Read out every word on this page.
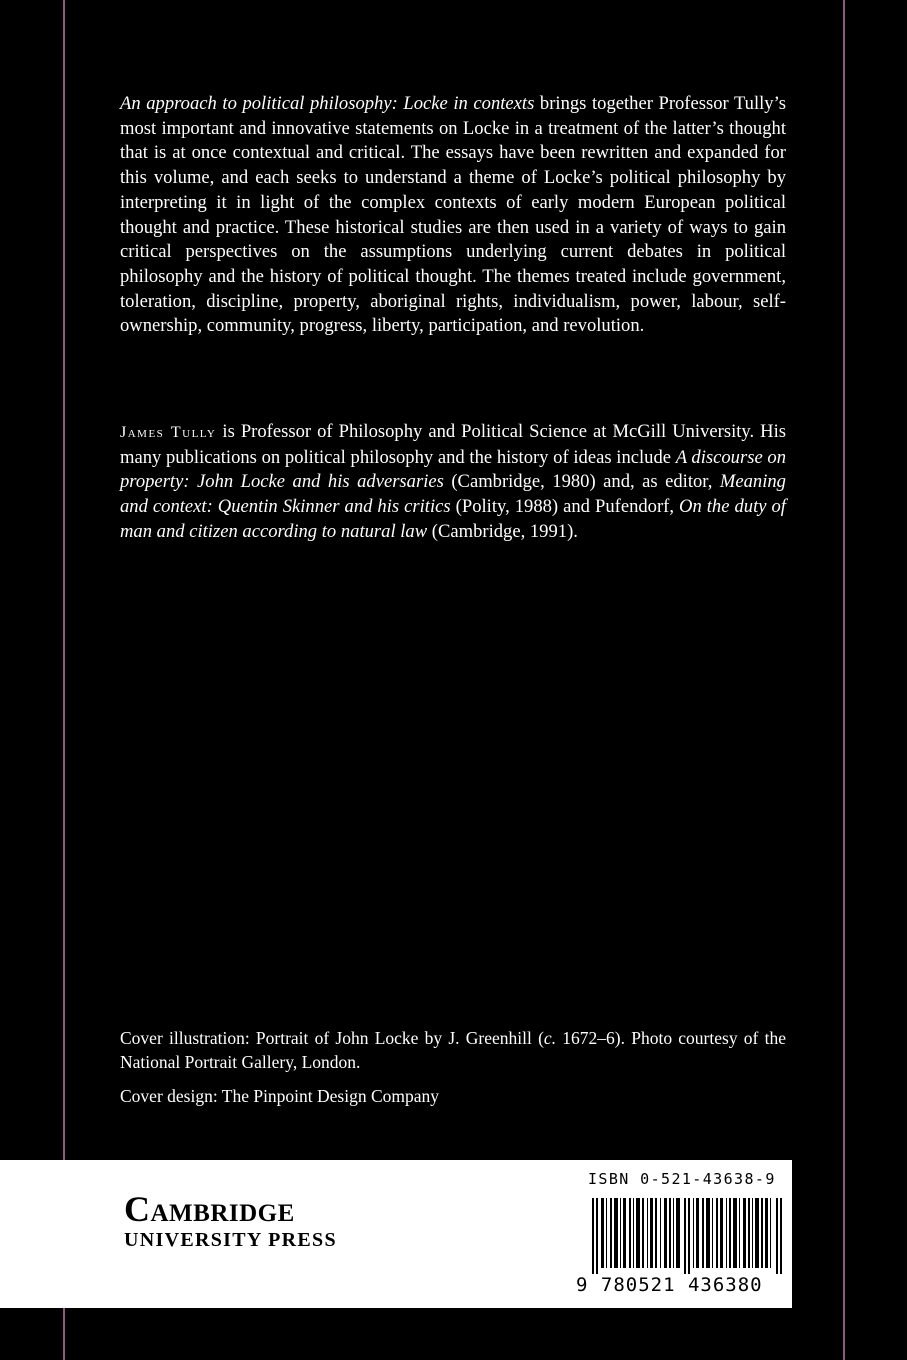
An approach to political philosophy: Locke in contexts brings together Professor Tully’s most important and innovative statements on Locke in a treatment of the latter’s thought that is at once contextual and critical. The essays have been rewritten and expanded for this volume, and each seeks to understand a theme of Locke’s political philosophy by interpreting it in light of the complex contexts of early modern European political thought and practice. These historical studies are then used in a variety of ways to gain critical perspectives on the assumptions underlying current debates in political philosophy and the history of political thought. The themes treated include government, toleration, discipline, property, aboriginal rights, individualism, power, labour, self-ownership, community, progress, liberty, participation, and revolution.

James Tully is Professor of Philosophy and Political Science at McGill University. His many publications on political philosophy and the history of ideas include A discourse on property: John Locke and his adversaries (Cambridge, 1980) and, as editor, Meaning and context: Quentin Skinner and his critics (Polity, 1988) and Pufendorf, On the duty of man and citizen according to natural law (Cambridge, 1991).

Cover illustration: Portrait of John Locke by J. Greenhill (c. 1672–6). Photo courtesy of the National Portrait Gallery, London.

Cover design: The Pinpoint Design Company

Cambridge
UNIVERSITY PRESS
ISBN 0-521-43638-9
9 780521 436380
